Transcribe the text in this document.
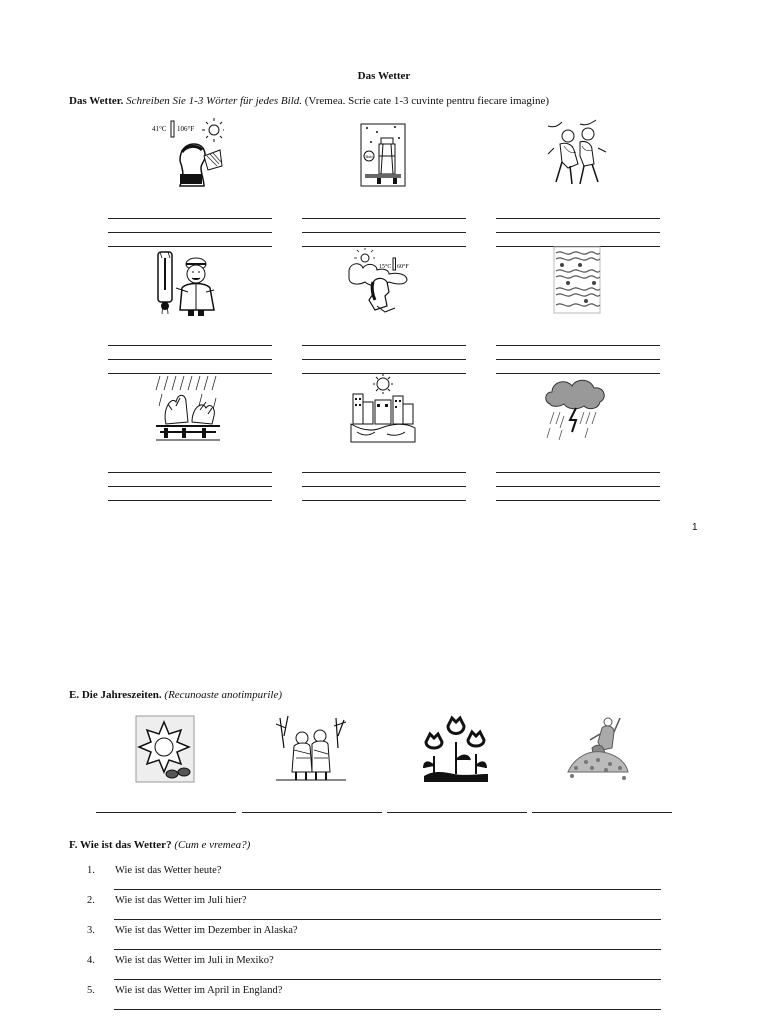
Das Wetter
Das Wetter. Schreiben Sie 1-3 Wörter für jedes Bild. (Vremea. Scrie cate 1-3 cuvinte pentru fiecare imagine)
41°C 106°F
Bob
15°C 60°F
1
E. Die Jahreszeiten. (Recunoaste anotimpurile)
F. Wie ist das Wetter? (Cum e vremea?)
1. Wie ist das Wetter heute?
2. Wie ist das Wetter im Juli hier?
3. Wie ist das Wetter im Dezember in Alaska?
4. Wie ist das Wetter im Juli in Mexiko?
5. Wie ist das Wetter im April in England?
